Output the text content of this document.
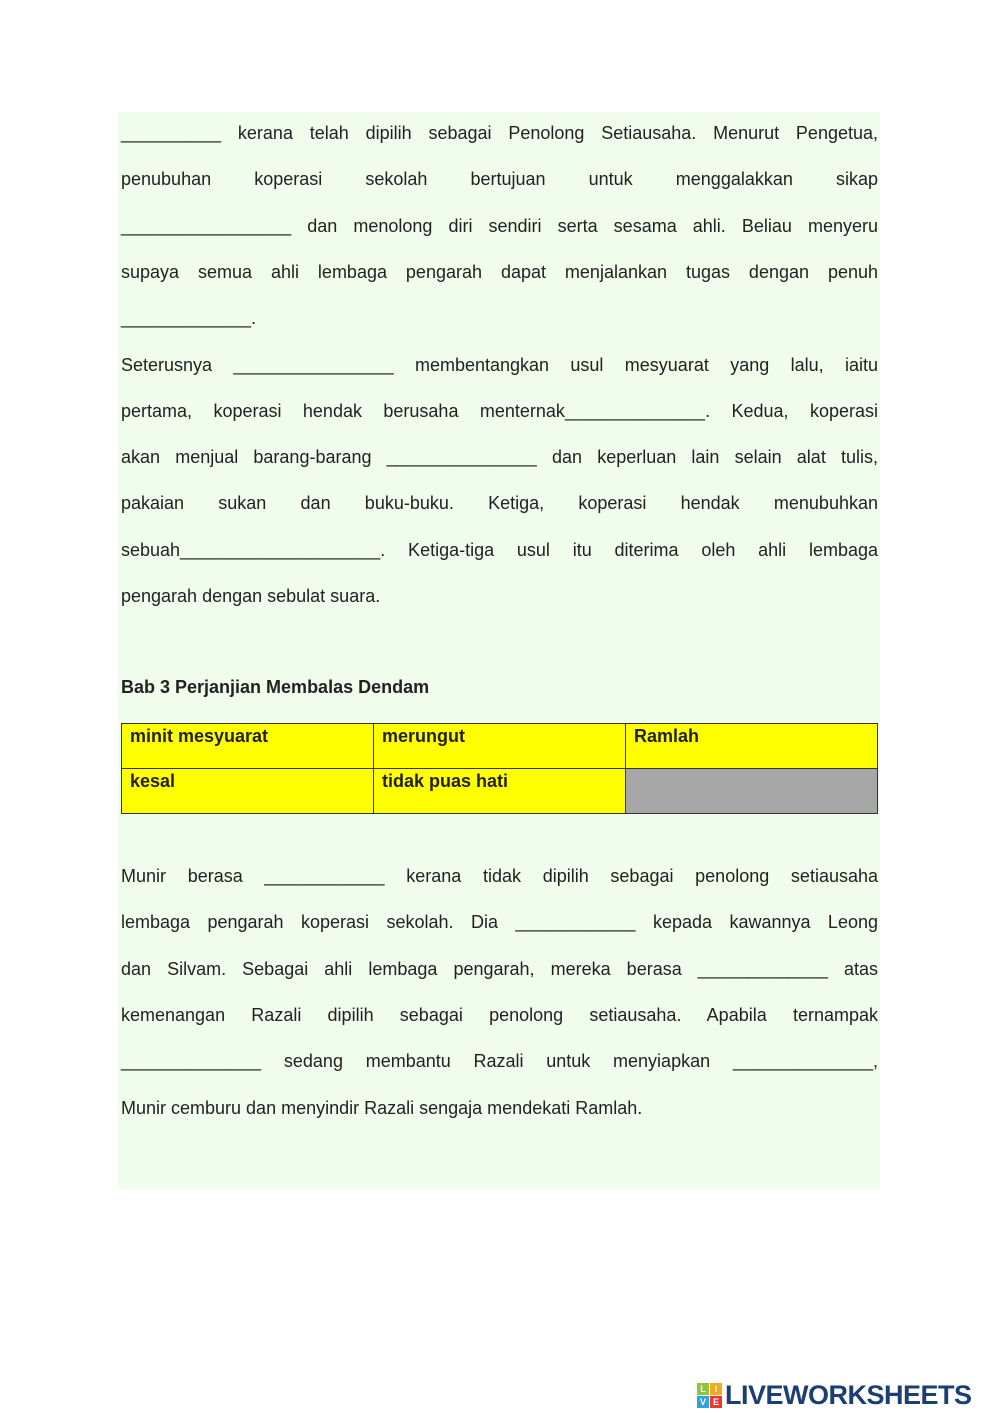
__________ kerana telah dipilih sebagai Penolong Setiausaha. Menurut Pengetua,
penubuhan koperasi sekolah bertujuan untuk menggalakkan sikap
_________________ dan menolong diri sendiri serta sesama ahli. Beliau menyeru
supaya semua ahli lembaga pengarah dapat menjalankan tugas dengan penuh
_____________.
Seterusnya ________________ membentangkan usul mesyuarat yang lalu, iaitu
pertama, koperasi hendak berusaha menternak______________. Kedua, koperasi
akan menjual barang-barang _______________ dan keperluan lain selain alat tulis,
pakaian sukan dan buku-buku. Ketiga, koperasi hendak menubuhkan
sebuah____________________. Ketiga-tiga usul itu diterima oleh ahli lembaga
pengarah dengan sebulat suara.
Bab 3 Perjanjian Membalas Dendam
minit mesyuarat	merungut	Ramlah
kesal	tidak puas hati	
Munir berasa ____________ kerana tidak dipilih sebagai penolong setiausaha
lembaga pengarah koperasi sekolah. Dia ____________ kepada kawannya Leong
dan Silvam. Sebagai ahli lembaga pengarah, mereka berasa _____________ atas
kemenangan Razali dipilih sebagai penolong setiausaha. Apabila ternampak
______________ sedang membantu Razali untuk menyiapkan ______________,
Munir cemburu dan menyindir Razali sengaja mendekati Ramlah.
L I
V E LIVEWORKSHEETS
